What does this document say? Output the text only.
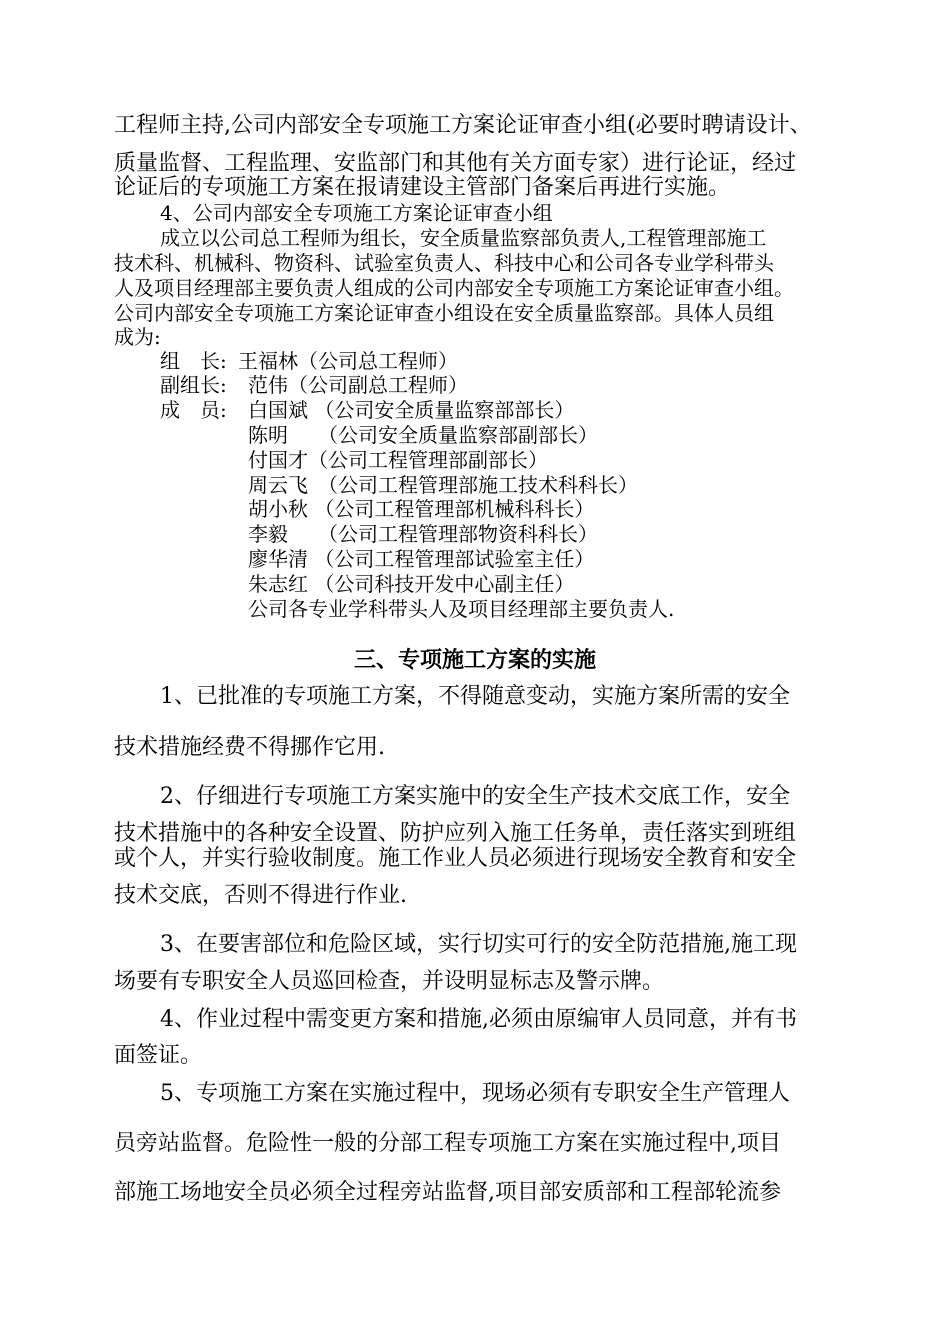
工程师主持,公司内部安全专项施工方案论证审查小组(必要时聘请设计、
质量监督、工程监理、安监部门和其他有关方面专家）进行论证，经过
论证后的专项施工方案在报请建设主管部门备案后再进行实施。
4、公司内部安全专项施工方案论证审查小组
成立以公司总工程师为组长，安全质量监察部负责人,工程管理部施工
技术科、机械科、物资科、试验室负责人、科技中心和公司各专业学科带头
人及项目经理部主要负责人组成的公司内部安全专项施工方案论证审查小组。
公司内部安全专项施工方案论证审查小组设在安全质量监察部。具体人员组
成为:
组　长: 王福林（公司总工程师）
副组长: 范伟（公司副总工程师）
成　员: 白国斌 （公司安全质量监察部部长）
陈明　　（公司安全质量监察部副部长）
付国才（公司工程管理部副部长）
周云飞　（公司工程管理部施工技术科科长）
胡小秋 （公司工程管理部机械科科长）
李毅　　（公司工程管理部物资科科长）
廖华清 （公司工程管理部试验室主任）
朱志红 （公司科技开发中心副主任）
公司各专业学科带头人及项目经理部主要负责人.
三、专项施工方案的实施
1、已批准的专项施工方案，不得随意变动，实施方案所需的安全
技术措施经费不得挪作它用.
2、仔细进行专项施工方案实施中的安全生产技术交底工作，安全
技术措施中的各种安全设置、防护应列入施工任务单，责任落实到班组
或个人，并实行验收制度。施工作业人员必须进行现场安全教育和安全
技术交底，否则不得进行作业.
3、在要害部位和危险区域，实行切实可行的安全防范措施,施工现
场要有专职安全人员巡回检查，并设明显标志及警示牌。
4、作业过程中需变更方案和措施,必须由原编审人员同意，并有书
面签证。
5、专项施工方案在实施过程中，现场必须有专职安全生产管理人
员旁站监督。危险性一般的分部工程专项施工方案在实施过程中,项目
部施工场地安全员必须全过程旁站监督,项目部安质部和工程部轮流参
